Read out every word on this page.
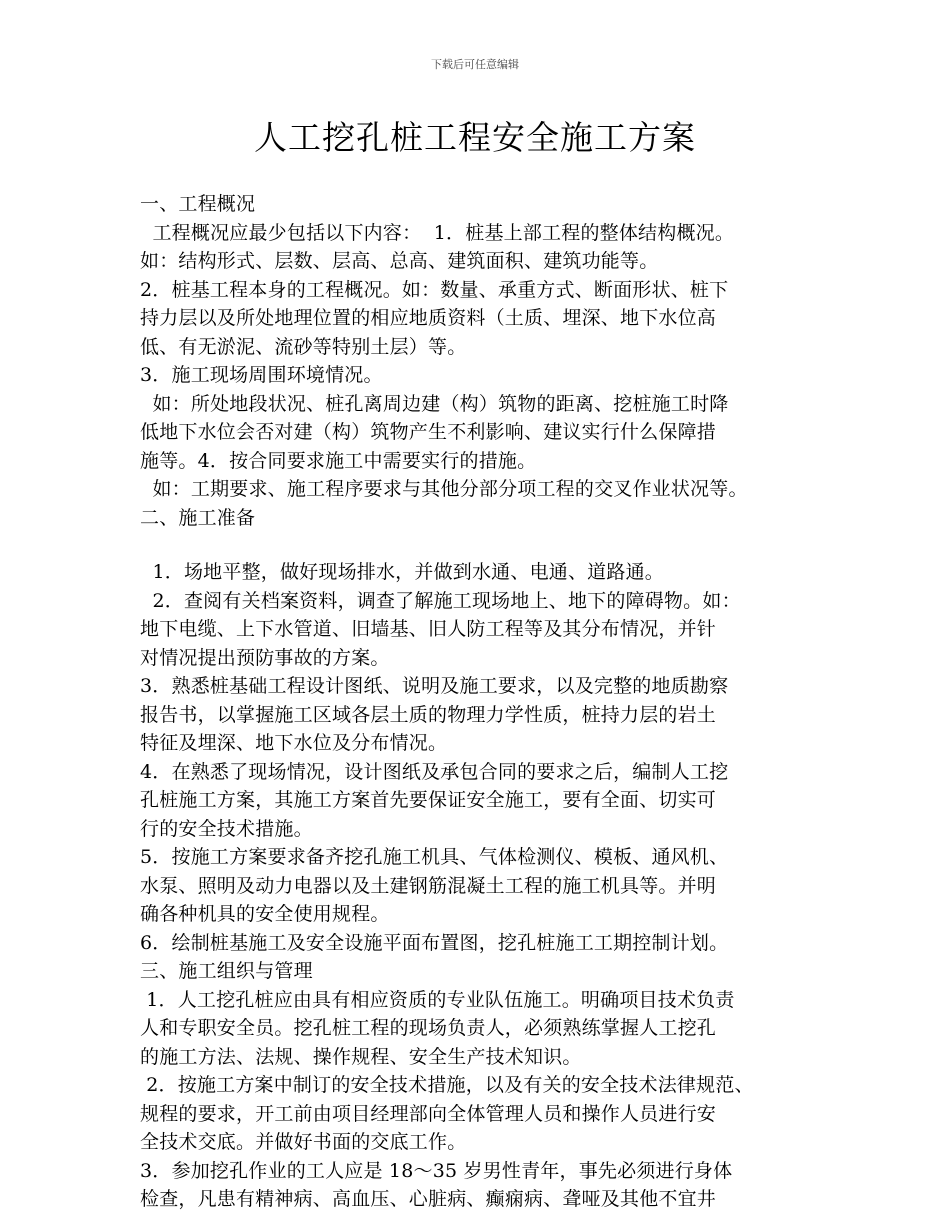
下载后可任意编辑
人工挖孔桩工程安全施工方案

一、工程概况

工程概况应最少包括以下内容：  1．桩基上部工程的整体结构概况。

如：结构形式、层数、层高、总高、建筑面积、建筑功能等。

2．桩基工程本身的工程概况。如：数量、承重方式、断面形状、桩下

持力层以及所处地理位置的相应地质资料（土质、埋深、地下水位高

低、有无淤泥、流砂等特别土层）等。

3．施工现场周围环境情况。

如：所处地段状况、桩孔离周边建（构）筑物的距离、挖桩施工时降

低地下水位会否对建（构）筑物产生不利影响、建议实行什么保障措

施等。4．按合同要求施工中需要实行的措施。

如：工期要求、施工程序要求与其他分部分项工程的交叉作业状况等。

二、施工准备

1．场地平整，做好现场排水，并做到水通、电通、道路通。

2．查阅有关档案资料，调查了解施工现场地上、地下的障碍物。如：

地下电缆、上下水管道、旧墙基、旧人防工程等及其分布情况，并针

对情况提出预防事故的方案。

3．熟悉桩基础工程设计图纸、说明及施工要求，以及完整的地质勘察

报告书，以掌握施工区域各层土质的物理力学性质，桩持力层的岩土

特征及埋深、地下水位及分布情况。

4．在熟悉了现场情况，设计图纸及承包合同的要求之后，编制人工挖

孔桩施工方案，其施工方案首先要保证安全施工，要有全面、切实可

行的安全技术措施。

5．按施工方案要求备齐挖孔施工机具、气体检测仪、模板、通风机、

水泵、照明及动力电器以及土建钢筋混凝土工程的施工机具等。并明

确各种机具的安全使用规程。

6．绘制桩基施工及安全设施平面布置图，挖孔桩施工工期控制计划。

三、施工组织与管理

1．人工挖孔桩应由具有相应资质的专业队伍施工。明确项目技术负责

人和专职安全员。挖孔桩工程的现场负责人，必须熟练掌握人工挖孔

的施工方法、法规、操作规程、安全生产技术知识。

2．按施工方案中制订的安全技术措施，以及有关的安全技术法律规范、

规程的要求，开工前由项目经理部向全体管理人员和操作人员进行安

全技术交底。并做好书面的交底工作。

3．参加挖孔作业的工人应是 18～35 岁男性青年，事先必须进行身体

检查，凡患有精神病、高血压、心脏病、癫痫病、聋哑及其他不宜井
